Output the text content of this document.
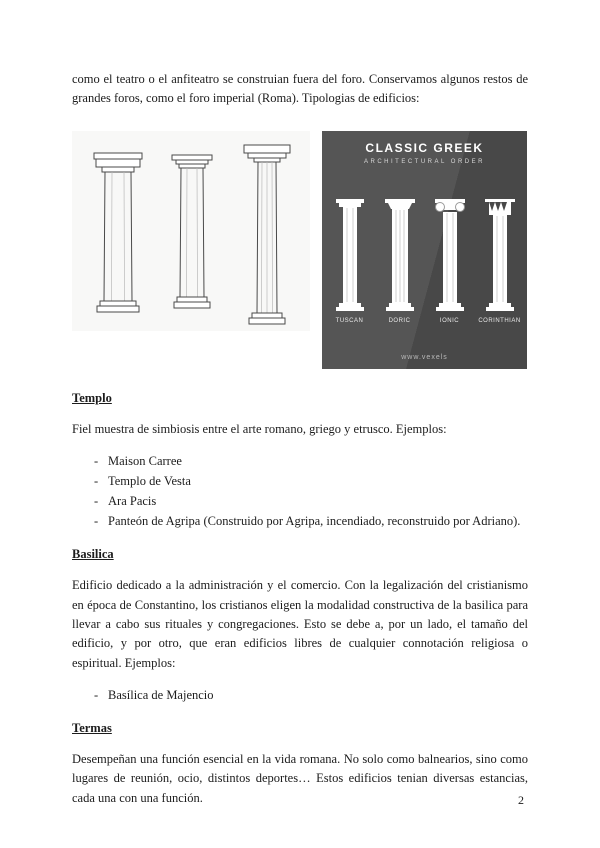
como el teatro o el anfiteatro se construian fuera del foro. Conservamos algunos restos de grandes foros, como el foro imperial (Roma). Tipologias de edificios:

CLASSIC GREEK
ARCHITECTURAL ORDER
TUSCAN	DORIC	IONIC	CORINTHIAN
www.vexels
Templo

Fiel muestra de simbiosis entre el arte romano, griego y etrusco. Ejemplos:

- Maison Carree
- Templo de Vesta
- Ara Pacis
- Panteón de Agripa (Construido por Agripa, incendiado, reconstruido por Adriano).
Basilica

Edificio dedicado a la administración y el comercio. Con la legalización del cristianismo en época de Constantino, los cristianos eligen la modalidad constructiva de la basilica para llevar a cabo sus rituales y congregaciones. Esto se debe a, por un lado, el tamaño del edificio, y por otro, que eran edificios libres de cualquier connotación religiosa o espiritual. Ejemplos:

- Basílica de Majencio
Termas

Desempeñan una función esencial en la vida romana. No solo como balnearios, sino como lugares de reunión, ocio, distintos deportes… Estos edificios tenian diversas estancias, cada una con una función.	2
